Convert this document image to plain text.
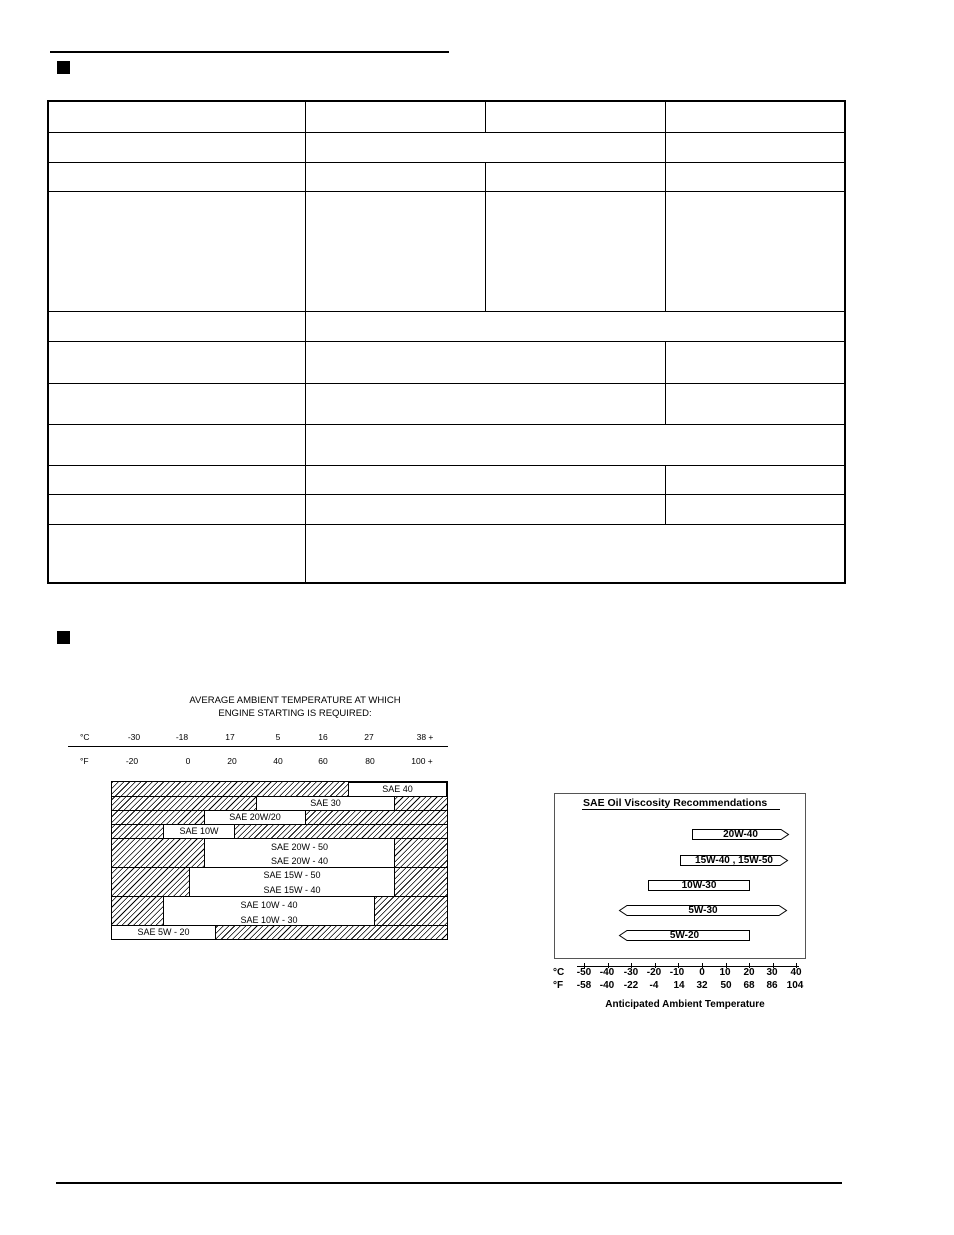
AVERAGE AMBIENT TEMPERATURE AT WHICH
ENGINE STARTING IS REQUIRED:
°C	-30	-18	17	5	16	27	38 +
°F	-20	0	20	40	60	80	100 +
SAE 40
SAE 30
SAE 20W/20
SAE 10W
SAE 20W - 50
SAE 20W - 40
SAE 15W - 50
SAE 15W - 40
SAE 10W - 40
SAE 10W - 30
SAE 5W - 20
SAE Oil Viscosity Recommendations
20W-40
15W-40 , 15W-50
10W-30
5W-30
5W-20
°C
°F
-50 -40 -30 -20 -10	0	10	20	30	40
-58 -40 -22	-4	14	32	50	68	86 104
Anticipated Ambient Temperature
